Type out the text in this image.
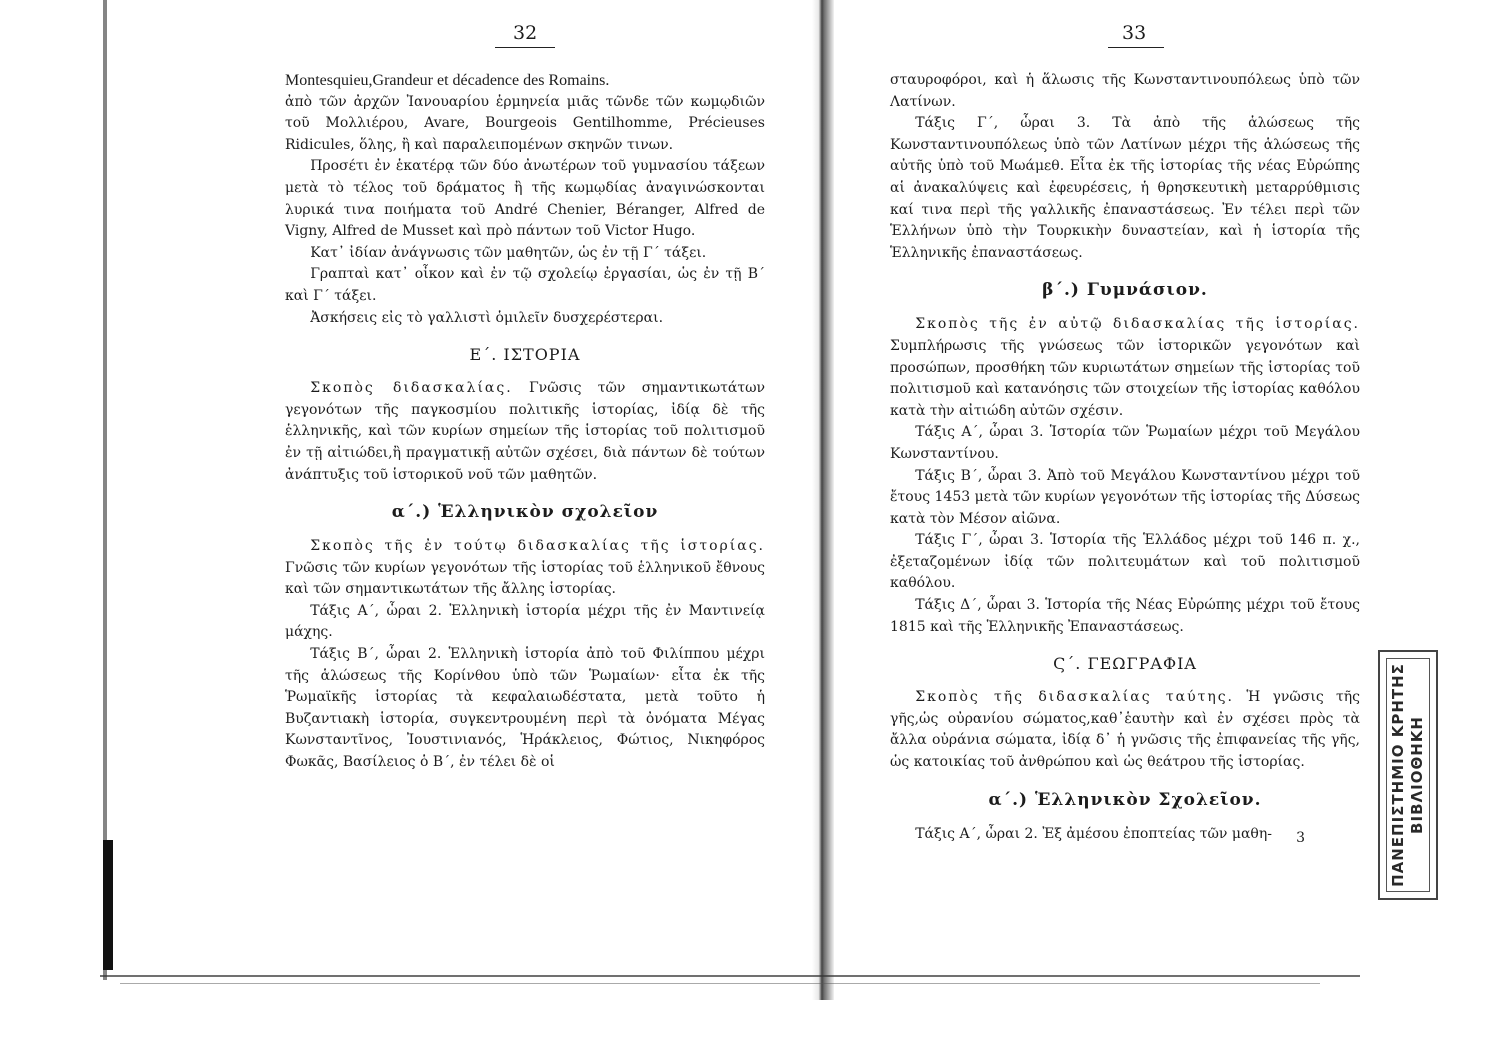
32

Montesquieu,Grandeur et décadence des Romains.

ἀπὸ τῶν ἀρχῶν Ἰανουαρίου ἑρμηνεία μιᾶς τῶνδε τῶν κωμῳδιῶν τοῦ Μολλιέρου, Avare, Bourgeois Gentilhomme, Précieuses Ridicules, ὅλης, ἢ καὶ παραλειπομένων σκηνῶν τινων.

Προσέτι ἐν ἑκατέρᾳ τῶν δύο ἀνωτέρων τοῦ γυμνασίου τάξεων μετὰ τὸ τέλος τοῦ δράματος ἢ τῆς κωμῳδίας ἀναγινώσκονται λυρικά τινα ποιήματα τοῦ André Chenier, Béranger, Alfred de Vigny, Alfred de Musset καὶ πρὸ πάντων τοῦ Victor Hugo.

Κατ᾽ ἰδίαν ἀνάγνωσις τῶν μαθητῶν, ὡς ἐν τῇ Γ´ τάξει.

Γραπταὶ κατ᾽ οἶκον καὶ ἐν τῷ σχολείῳ ἐργασίαι, ὡς ἐν τῇ Β´ καὶ Γ´ τάξει.

Ἀσκήσεις εἰς τὸ γαλλιστὶ ὁμιλεῖν δυσχερέστεραι.

Ε´. ΙΣΤΟΡΙΑ

Σκοπὸς διδασκαλίας. Γνῶσις τῶν σημαντικωτάτων γεγονότων τῆς παγκοσμίου πολιτικῆς ἱστορίας, ἰδίᾳ δὲ τῆς ἑλληνικῆς, καὶ τῶν κυρίων σημείων τῆς ἱστορίας τοῦ πολιτισμοῦ ἐν τῇ αἰτιώδει,ἢ πραγματικῇ αὐτῶν σχέσει, διὰ πάντων δὲ τούτων ἀνάπτυξις τοῦ ἱστορικοῦ νοῦ τῶν μαθητῶν.

α´.) Ἑλληνικὸν σχολεῖον

Σκοπὸς τῆς ἐν τούτῳ διδασκαλίας τῆς ἱστορίας. Γνῶσις τῶν κυρίων γεγονότων τῆς ἱστορίας τοῦ ἑλληνικοῦ ἔθνους καὶ τῶν σημαντικωτάτων τῆς ἄλλης ἱστορίας.

Τάξις Α´, ὧραι 2. Ἑλληνικὴ ἱστορία μέχρι τῆς ἐν Μαντινείᾳ μάχης.

Τάξις Β´, ὧραι 2. Ἑλληνικὴ ἱστορία ἀπὸ τοῦ Φιλίππου μέχρι τῆς ἁλώσεως τῆς Κορίνθου ὑπὸ τῶν Ῥωμαίων· εἶτα ἐκ τῆς Ῥωμαϊκῆς ἱστορίας τὰ κεφαλαιωδέστατα, μετὰ τοῦτο ἡ Βυζαντιακὴ ἱστορία, συγκεντρουμένη περὶ τὰ ὀνόματα Μέγας Κωνσταντῖνος, Ἰουστινιανός, Ἡράκλειος, Φώτιος, Νικηφόρος Φωκᾶς, Βασίλειος ὁ Β´, ἐν τέλει δὲ οἱ

33

σταυροφόροι, καὶ ἡ ἅλωσις τῆς Κωνσταντινουπόλεως ὑπὸ τῶν Λατίνων.

Τάξις Γ´, ὧραι 3. Τὰ ἀπὸ τῆς ἁλώσεως τῆς Κωνσταντινουπόλεως ὑπὸ τῶν Λατίνων μέχρι τῆς ἁλώσεως τῆς αὐτῆς ὑπὸ τοῦ Μωάμεθ. Εἶτα ἐκ τῆς ἱστορίας τῆς νέας Εὐρώπης αἱ ἀνακαλύψεις καὶ ἐφευρέσεις, ἡ θρησκευτικὴ μεταρρύθμισις καί τινα περὶ τῆς γαλλικῆς ἐπαναστάσεως. Ἐν τέλει περὶ τῶν Ἑλλήνων ὑπὸ τὴν Τουρκικὴν δυναστείαν, καὶ ἡ ἱστορία τῆς Ἑλληνικῆς ἐπαναστάσεως.

β´.) Γυμνάσιον.

Σκοπὸς τῆς ἐν αὐτῷ διδασκαλίας τῆς ἱστορίας. Συμπλήρωσις τῆς γνώσεως τῶν ἱστορικῶν γεγονότων καὶ προσώπων, προσθήκη τῶν κυριωτάτων σημείων τῆς ἱστορίας τοῦ πολιτισμοῦ καὶ κατανόησις τῶν στοιχείων τῆς ἱστορίας καθόλου κατὰ τὴν αἰτιώδη αὐτῶν σχέσιν.

Τάξις Α´, ὧραι 3. Ἱστορία τῶν Ῥωμαίων μέχρι τοῦ Μεγάλου Κωνσταντίνου.

Τάξις Β´, ὧραι 3. Ἀπὸ τοῦ Μεγάλου Κωνσταντίνου μέχρι τοῦ ἔτους 1453 μετὰ τῶν κυρίων γεγονότων τῆς ἱστορίας τῆς Δύσεως κατὰ τὸν Μέσον αἰῶνα.

Τάξις Γ´, ὧραι 3. Ἱστορία τῆς Ἑλλάδος μέχρι τοῦ 146 π. χ., ἐξεταζομένων ἰδίᾳ τῶν πολιτευμάτων καὶ τοῦ πολιτισμοῦ καθόλου.

Τάξις Δ´, ὧραι 3. Ἱστορία τῆς Νέας Εὐρώπης μέχρι τοῦ ἔτους 1815 καὶ τῆς Ἑλληνικῆς Ἐπαναστάσεως.

Ϛ´. ΓΕΩΓΡΑΦΙΑ

Σκοπὸς τῆς διδασκαλίας ταύτης. Ἡ γνῶσις τῆς γῆς,ὡς οὐρανίου σώματος,καθ᾽ἑαυτὴν καὶ ἐν σχέσει πρὸς τὰ ἄλλα οὐράνια σώματα, ἰδίᾳ δ᾽ ἡ γνῶσις τῆς ἐπιφανείας τῆς γῆς, ὡς κατοικίας τοῦ ἀνθρώπου καὶ ὡς θεάτρου τῆς ἱστορίας.

α´.) Ἑλληνικὸν Σχολεῖον.

Τάξις Α´, ὧραι 2. Ἐξ ἀμέσου ἐποπτείας τῶν μαθη-	3	ΠΑΝΕΠΙΣΤΗΜΙΟ ΚΡΗΤΗΣ ΒΙΒΛΙΟΘΗΚΗ
